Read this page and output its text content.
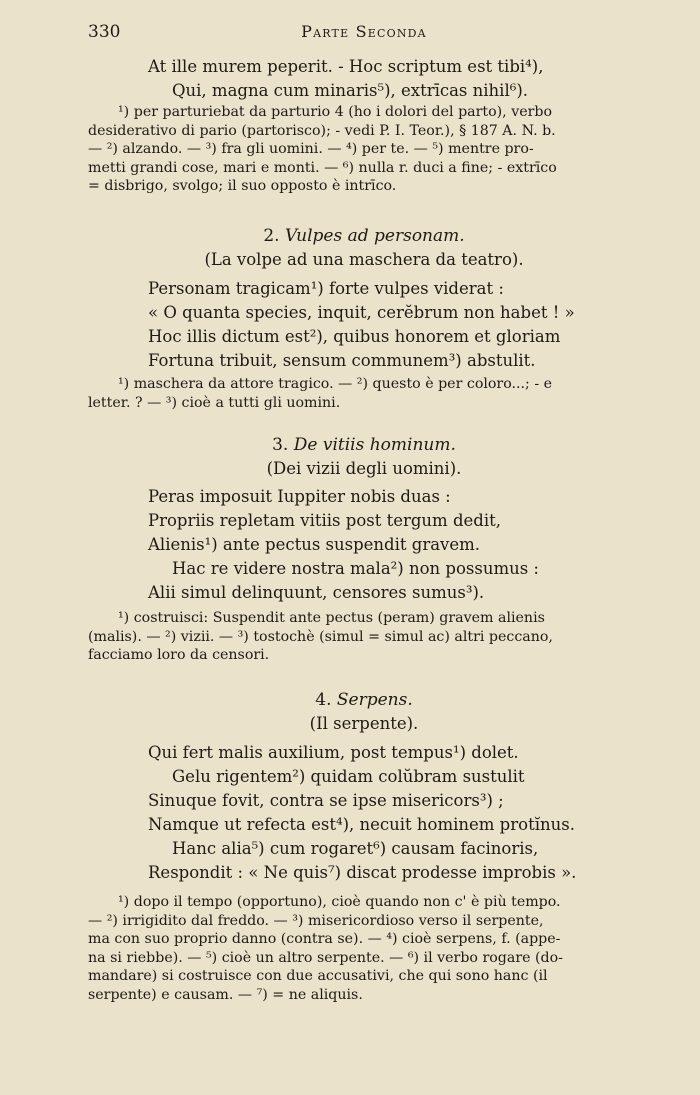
330	Parte Seconda
At ille murem peperit. - Hoc scriptum est tibi⁴),
Qui, magna cum minaris⁵), extrīcas nihil⁶).

¹) per parturiebat da parturio 4 (ho i dolori del parto), verbo

desiderativo di pario (partorisco); - vedi P. I. Teor.), § 187 A. N. b.

— ²) alzando. — ³) fra gli uomini. — ⁴) per te. — ⁵) mentre pro-

metti grandi cose, mari e monti. — ⁶) nulla r. duci a fine; - extrīco

= disbrigo, svolgo; il suo opposto è intrīco.

2. Vulpes ad personam.
(La volpe ad una maschera da teatro).
Personam tragicam¹) forte vulpes viderat :
« O quanta species, inquit, cerĕbrum non habet ! »
Hoc illis dictum est²), quibus honorem et gloriam
Fortuna tribuit, sensum communem³) abstulit.

¹) maschera da attore tragico. — ²) questo è per coloro...; - e

letter. ? — ³) cioè a tutti gli uomini.

3. De vitiis hominum.
(Dei vizii degli uomini).
Peras imposuit Iuppiter nobis duas :
Propriis repletam vitiis post tergum dedit,
Alienis¹) ante pectus suspendit gravem.
Hac re videre nostra mala²) non possumus :
Alii simul delinquunt, censores sumus³).

¹) costruisci: Suspendit ante pectus (peram) gravem alienis

(malis). — ²) vizii. — ³) tostochè (simul = simul ac) altri peccano,

facciamo loro da censori.

4. Serpens.
(Il serpente).
Qui fert malis auxilium, post tempus¹) dolet.
Gelu rigentem²) quidam colŭbram sustulit
Sinuque fovit, contra se ipse misericors³) ;
Namque ut refecta est⁴), necuit hominem protĭnus.
Hanc alia⁵) cum rogaret⁶) causam facinoris,
Respondit : « Ne quis⁷) discat prodesse improbis ».

¹) dopo il tempo (opportuno), cioè quando non c' è più tempo.

— ²) irrigidito dal freddo. — ³) misericordioso verso il serpente,

ma con suo proprio danno (contra se). — ⁴) cioè serpens, f. (appe-

na si riebbe). — ⁵) cioè un altro serpente. — ⁶) il verbo rogare (do-

mandare) si costruisce con due accusativi, che qui sono hanc (il

serpente) e causam. — ⁷) = ne aliquis.
